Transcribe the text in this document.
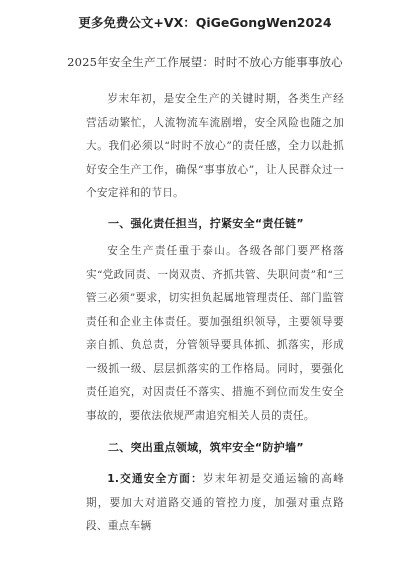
更多免费公文+VX：QiGeGongWen2024
2025年安全生产工作展望：时时不放心方能事事放心

岁末年初，是安全生产的关键时期，各类生产经营活动繁忙，人流物流车流剧增，安全风险也随之加大。我们必须以“时时不放心”的责任感，全力以赴抓好安全生产工作，确保“事事放心”，让人民群众过一个安定祥和的节日。

一、强化责任担当，拧紧安全“责任链”

安全生产责任重于泰山。各级各部门要严格落实“党政同责、一岗双责、齐抓共管、失职问责”和“三管三必须”要求，切实担负起属地管理责任、部门监管责任和企业主体责任。要加强组织领导，主要领导要亲自抓、负总责，分管领导要具体抓、抓落实，形成一级抓一级、层层抓落实的工作格局。同时，要强化责任追究，对因责任不落实、措施不到位而发生安全事故的，要依法依规严肃追究相关人员的责任。

二、突出重点领域，筑牢安全“防护墙”

1.交通安全方面：岁末年初是交通运输的高峰期，要加大对道路交通的管控力度，加强对重点路段、重点车辆
